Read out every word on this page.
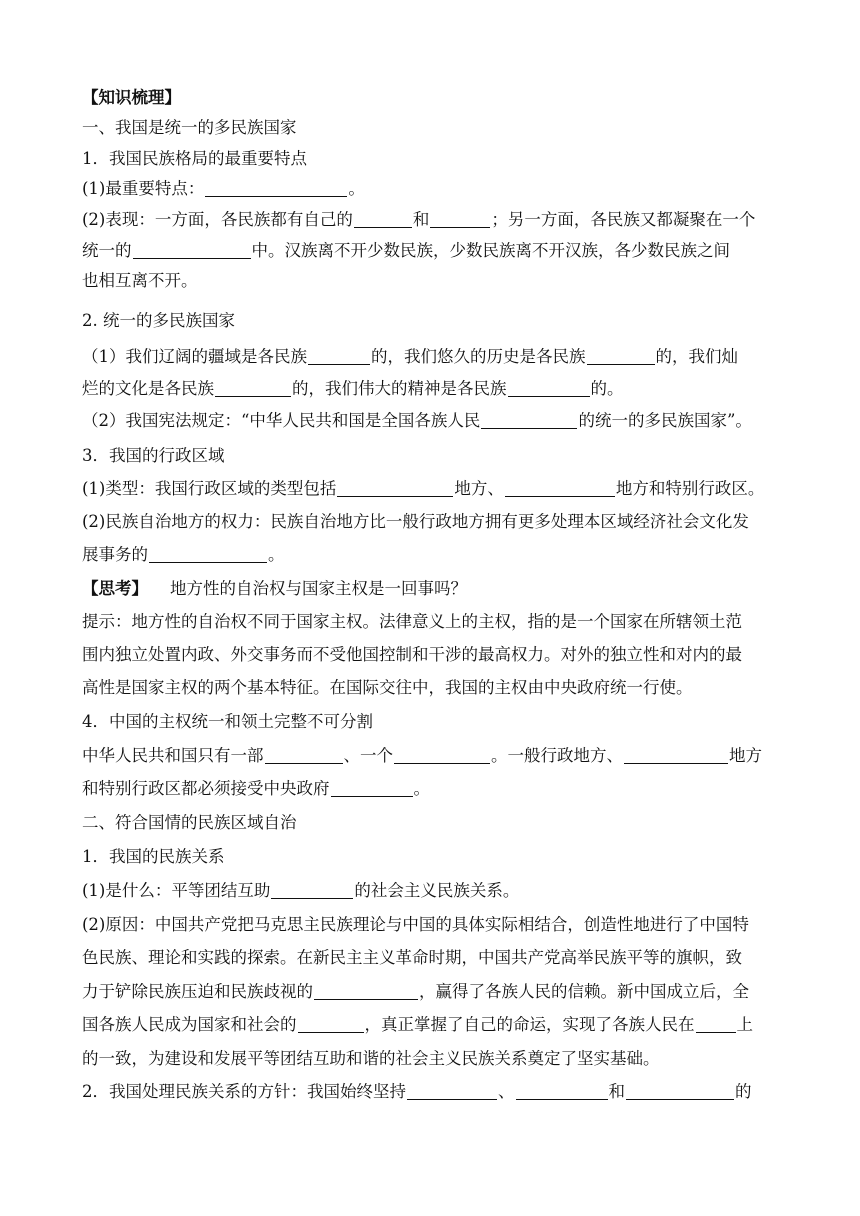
【知识梳理】
一、我国是统一的多民族国家
1．我国民族格局的最重要特点
(1)最重要特点：	。
(2)表现：一方面，各民族都有自己的	和	；另一方面，各民族又都凝聚在一个
统一的	中。汉族离不开少数民族，少数民族离不开汉族，各少数民族之间
也相互离不开。
2. 统一的多民族国家
（1）我们辽阔的疆域是各民族	的，我们悠久的历史是各民族	的，我们灿
烂的文化是各民族	的，我们伟大的精神是各民族	的。
（2）我国宪法规定：“中华人民共和国是全国各族人民	的统一的多民族国家”。
3．我国的行政区域
(1)类型：我国行政区域的类型包括	地方、	地方和特别行政区。
(2)民族自治地方的权力：民族自治地方比一般行政地方拥有更多处理本区域经济社会文化发
展事务的	。
【思考】 地方性的自治权与国家主权是一回事吗？
提示：地方性的自治权不同于国家主权。法律意义上的主权，指的是一个国家在所辖领土范
围内独立处置内政、外交事务而不受他国控制和干涉的最高权力。对外的独立性和对内的最
高性是国家主权的两个基本特征。在国际交往中，我国的主权由中央政府统一行使。
4．中国的主权统一和领土完整不可分割
中华人民共和国只有一部	、一个	。一般行政地方、	地方
和特别行政区都必须接受中央政府	。
二、符合国情的民族区域自治
1．我国的民族关系
(1)是什么：平等团结互助	的社会主义民族关系。
(2)原因：中国共产党把马克思主民族理论与中国的具体实际相结合，创造性地进行了中国特
色民族、理论和实践的探索。在新民主主义革命时期，中国共产党高举民族平等的旗帜，致
力于铲除民族压迫和民族歧视的	，赢得了各族人民的信赖。新中国成立后，全
国各族人民成为国家和社会的	，真正掌握了自己的命运，实现了各族人民在	上
的一致，为建设和发展平等团结互助和谐的社会主义民族关系奠定了坚实基础。
2．我国处理民族关系的方针：我国始终坚持	、	和	的
